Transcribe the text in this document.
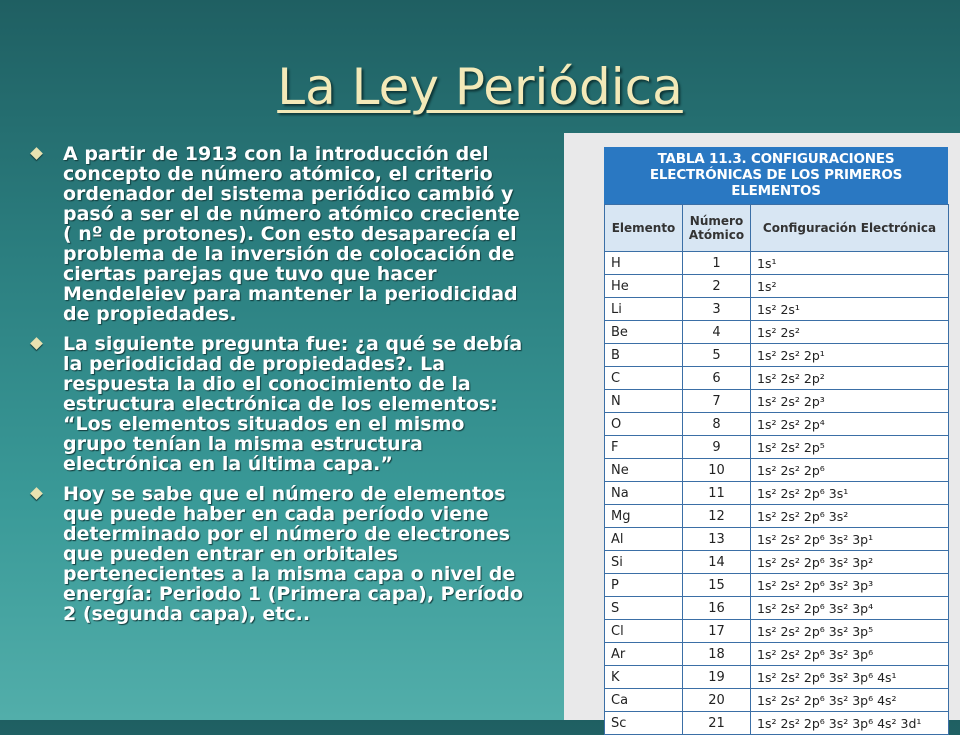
La Ley Periódica
A partir de 1913 con la introducción del concepto de número atómico, el criterio ordenador del sistema periódico cambió y pasó a ser el de número atómico creciente ( nº de protones). Con esto desaparecía el problema de la inversión de colocación de ciertas parejas que tuvo que hacer Mendeleiev para mantener la periodicidad de propiedades.
La siguiente pregunta fue: ¿a qué se debía la periodicidad de propiedades?. La respuesta la dio el conocimiento de la estructura electrónica de los elementos: “Los elementos situados en el mismo grupo tenían la misma estructura electrónica en la última capa.”
Hoy se sabe que el número de elementos que puede haber en cada período viene determinado por el número de electrones que pueden entrar en orbitales pertenecientes a la misma capa o nivel de energía: Periodo 1 (Primera capa), Período 2 (segunda capa), etc..
TABLA 11.3. CONFIGURACIONES ELECTRÓNICAS DE LOS PRIMEROS ELEMENTOS
Elemento	Número Atómico	Configuración Electrónica
H	1	1s¹
He	2	1s²
Li	3	1s² 2s¹
Be	4	1s² 2s²
B	5	1s² 2s² 2p¹
C	6	1s² 2s² 2p²
N	7	1s² 2s² 2p³
O	8	1s² 2s² 2p⁴
F	9	1s² 2s² 2p⁵
Ne	10	1s² 2s² 2p⁶
Na	11	1s² 2s² 2p⁶ 3s¹
Mg	12	1s² 2s² 2p⁶ 3s²
Al	13	1s² 2s² 2p⁶ 3s² 3p¹
Si	14	1s² 2s² 2p⁶ 3s² 3p²
P	15	1s² 2s² 2p⁶ 3s² 3p³
S	16	1s² 2s² 2p⁶ 3s² 3p⁴
Cl	17	1s² 2s² 2p⁶ 3s² 3p⁵
Ar	18	1s² 2s² 2p⁶ 3s² 3p⁶
K	19	1s² 2s² 2p⁶ 3s² 3p⁶ 4s¹
Ca	20	1s² 2s² 2p⁶ 3s² 3p⁶ 4s²
Sc	21	1s² 2s² 2p⁶ 3s² 3p⁶ 4s² 3d¹
